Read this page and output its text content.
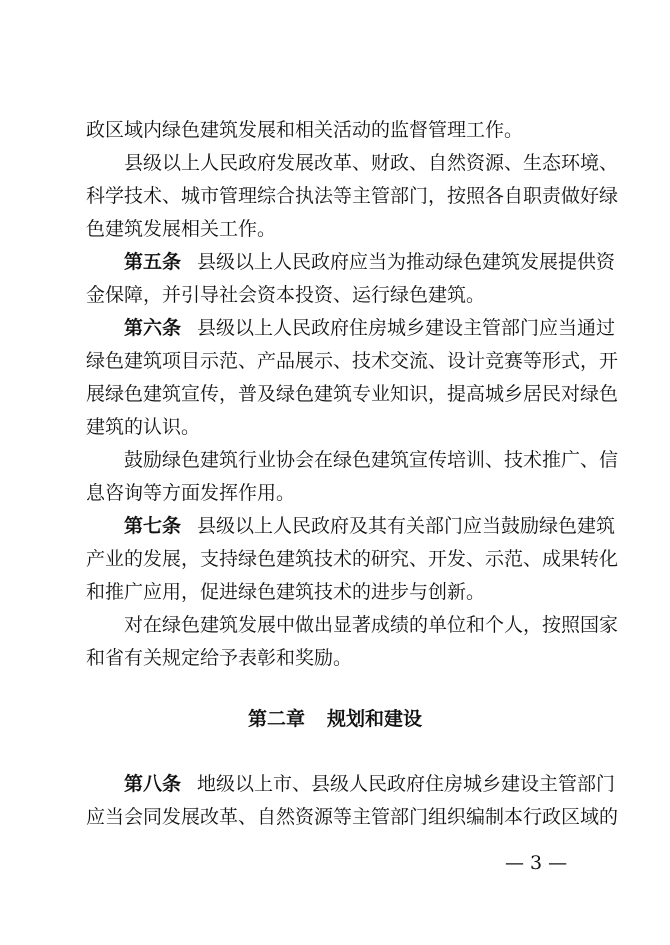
政区域内绿色建筑发展和相关活动的监督管理工作。
县级以上人民政府发展改革、财政、自然资源、生态环境、
科学技术、城市管理综合执法等主管部门，按照各自职责做好绿
色建筑发展相关工作。
第五条 县级以上人民政府应当为推动绿色建筑发展提供资
金保障，并引导社会资本投资、运行绿色建筑。
第六条 县级以上人民政府住房城乡建设主管部门应当通过
绿色建筑项目示范、产品展示、技术交流、设计竞赛等形式，开
展绿色建筑宣传，普及绿色建筑专业知识，提高城乡居民对绿色
建筑的认识。
鼓励绿色建筑行业协会在绿色建筑宣传培训、技术推广、信
息咨询等方面发挥作用。
第七条 县级以上人民政府及其有关部门应当鼓励绿色建筑
产业的发展，支持绿色建筑技术的研究、开发、示范、成果转化
和推广应用，促进绿色建筑技术的进步与创新。
对在绿色建筑发展中做出显著成绩的单位和个人，按照国家
和省有关规定给予表彰和奖励。
第二章 规划和建设
第八条 地级以上市、县级人民政府住房城乡建设主管部门
应当会同发展改革、自然资源等主管部门组织编制本行政区域的
— 3 —
